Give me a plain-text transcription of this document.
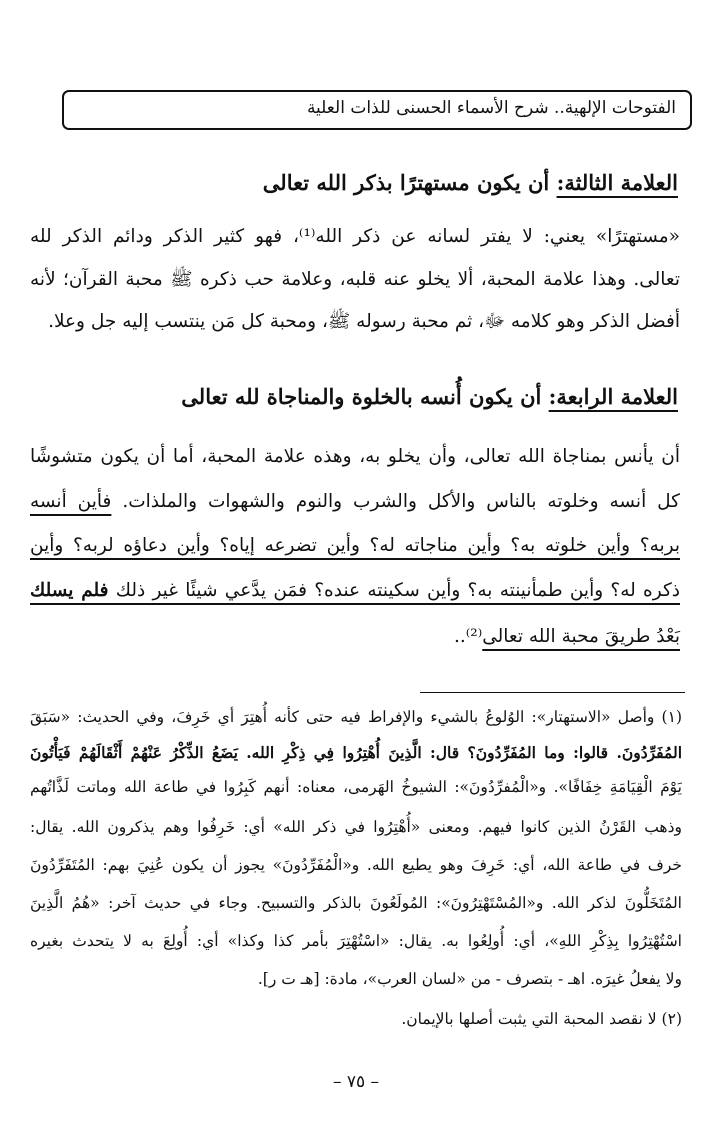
الفتوحات الإلهية.. شرح الأسماء الحسنى للذات العلية
العلامة الثالثة: أن يكون مستهترًا بذكر الله تعالى
«مستهترًا» يعني: لا يفتر لسانه عن ذكر الله⁽¹⁾، فهو كثير الذكر ودائم الذكر لله
تعالى. وهذا علامة المحبة، ألا يخلو عنه قلبه، وعلامة حب ذكره ﷺ محبة القرآن؛ لأنه
أفضل الذكر وهو كلامه ﷻ، ثم محبة رسوله ﷺ، ومحبة كل مَن ينتسب إليه جل وعلا.
العلامة الرابعة: أن يكون أُنسه بالخلوة والمناجاة لله تعالى
أن يأنس بمناجاة الله تعالى، وأن يخلو به، وهذه علامة المحبة، أما أن يكون متشوشًا
كل أنسه وخلوته بالناس والأكل والشرب والنوم والشهوات والملذات. فأين أنسه
بربه؟ وأين خلوته به؟ وأين مناجاته له؟ وأين تضرعه إياه؟ وأين دعاؤه لربه؟ وأين
ذكره له؟ وأين طمأنينته به؟ وأين سكينته عنده؟ فمَن يدَّعي شيئًا غير ذلك فلم يسلك
بَعْدُ طريقَ محبة الله تعالى⁽²⁾..
(١) وأصل «الاستهتار»: الوُلوعُ بالشيء والإفراط فيه حتى كأنه أُهتِرَ أي خَرِفَ، وفي الحديث: «سَبَقَ
المُفَرِّدُونَ. قالوا: وما المُفَرِّدُونَ؟ قال: الَّذِينَ أُهْتِرُوا فِي ذِكْرِ الله. يَضَعُ الذِّكْرُ عَنْهُمْ أَثْقَالَهُمْ فَيَأْتُونَ
يَوْمَ الْقِيَامَةِ خِفَافًا». و«الْمُفرِّدُونَ»: الشيوخُ الهَرمى، معناه: أنهم كَبِرُوا في طاعة الله وماتت لَذَّاتُهم
وذهب القَرْنُ الذين كانوا فيهم. ومعنى «أُهْتِرُوا في ذكر الله» أي: خَرِفُوا وهم يذكرون الله. يقال:
خرف في طاعة الله، أي: خَرِفَ وهو يطيع الله. و«الْمُفَرِّدُونَ» يجوز أن يكون عُنِيَ بهم: المُتَفَرِّدُونَ
المُتَخَلُّونَ لذكر الله. و«المُسْتَهْتِرُونَ»: المُولَعُونَ بالذكر والتسبيح. وجاء في حديث آخر: «هُمُ الَّذِينَ
اسْتُهْتِرُوا بِذِكْرِ اللهِ»، أي: أُولِعُوا به. يقال: «اسْتُهْتِرَ بأمر كذا وكذا» أي: أُولِعَ به لا يتحدث بغيره
ولا يفعلُ غيرَه. اهـ - بتصرف - من «لسان العرب»، مادة: [هـ ت ر].
(٢) لا نقصد المحبة التي يثبت أصلها بالإيمان.
– ٧٥ –
